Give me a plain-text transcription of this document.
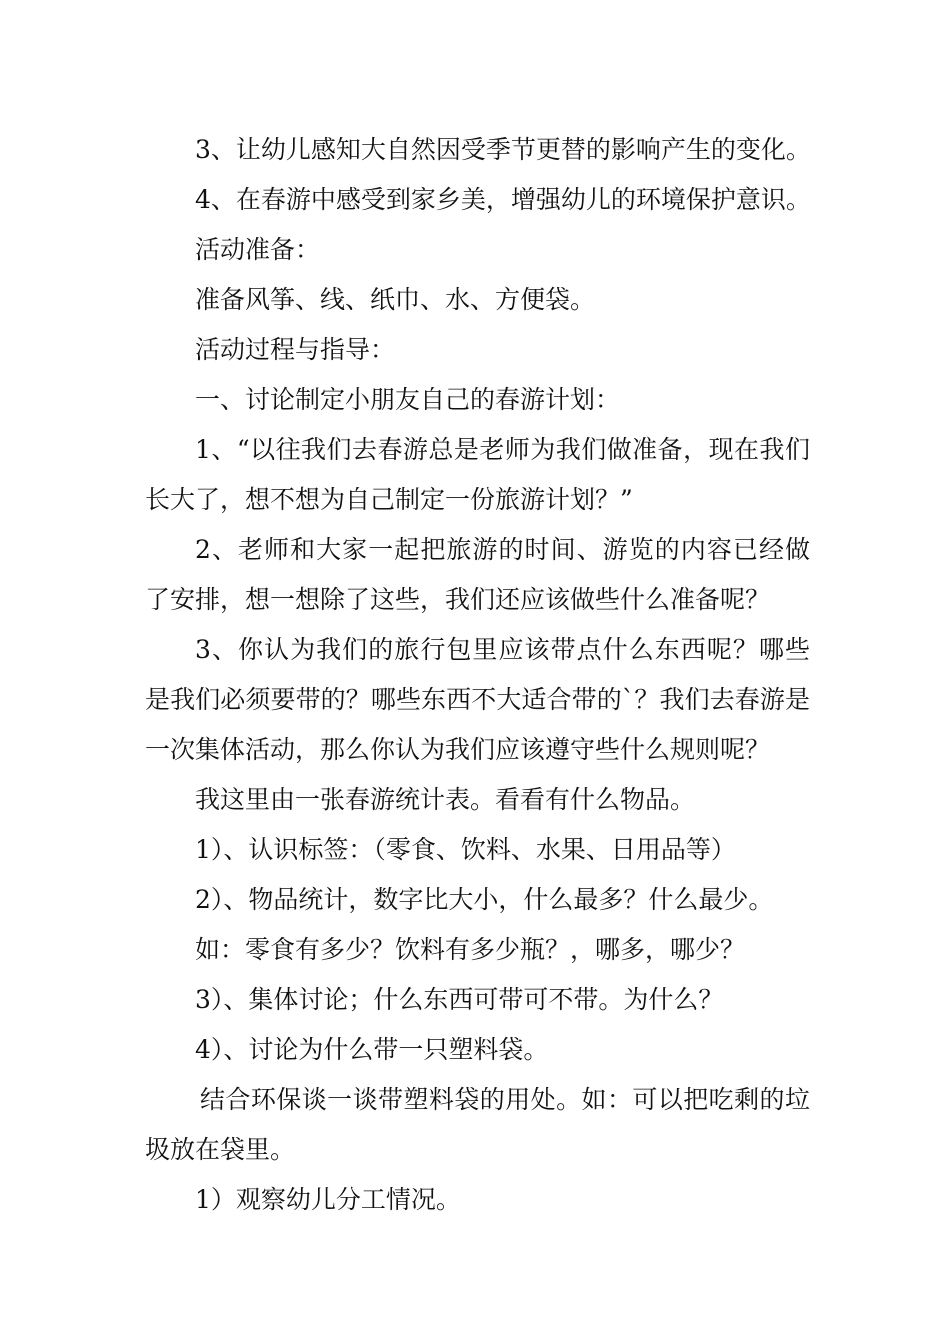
3、让幼儿感知大自然因受季节更替的影响产生的变化。

4、在春游中感受到家乡美，增强幼儿的环境保护意识。

活动准备：

准备风筝、线、纸巾、水、方便袋。

活动过程与指导：

一、讨论制定小朋友自己的春游计划：

1、“以往我们去春游总是老师为我们做准备，现在我们长大了，想不想为自己制定一份旅游计划？”

2、老师和大家一起把旅游的时间、游览的内容已经做了安排，想一想除了这些，我们还应该做些什么准备呢？

3、你认为我们的旅行包里应该带点什么东西呢？哪些是我们必须要带的？哪些东西不大适合带的`？我们去春游是一次集体活动，那么你认为我们应该遵守些什么规则呢？

我这里由一张春游统计表。看看有什么物品。

1）、认识标签：（零食、饮料、水果、日用品等）

2）、物品统计，数字比大小，什么最多？什么最少。

如：零食有多少？饮料有多少瓶？，哪多，哪少？

3）、集体讨论；什么东西可带可不带。为什么？

4）、讨论为什么带一只塑料袋。

结合环保谈一谈带塑料袋的用处。如：可以把吃剩的垃圾放在袋里。

1）观察幼儿分工情况。
